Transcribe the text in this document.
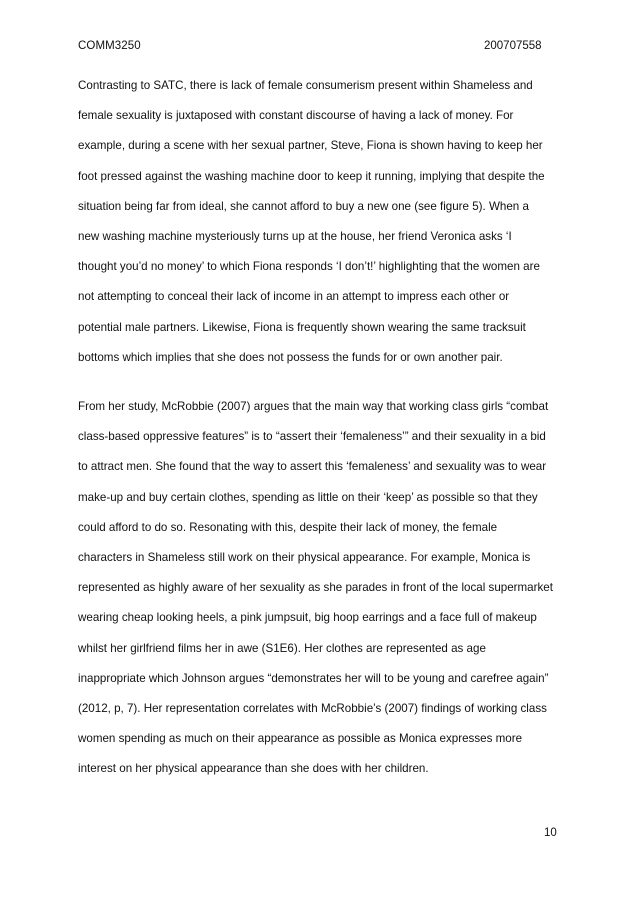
COMM3250	200707558

Contrasting to SATC, there is lack of female consumerism present within Shameless and
female sexuality is juxtaposed with constant discourse of having a lack of money. For
example, during a scene with her sexual partner, Steve, Fiona is shown having to keep her
foot pressed against the washing machine door to keep it running, implying that despite the
situation being far from ideal, she cannot afford to buy a new one (see figure 5). When a
new washing machine mysteriously turns up at the house, her friend Veronica asks ‘I
thought you’d no money’ to which Fiona responds ‘I don’t!’ highlighting that the women are
not attempting to conceal their lack of income in an attempt to impress each other or
potential male partners. Likewise, Fiona is frequently shown wearing the same tracksuit
bottoms which implies that she does not possess the funds for or own another pair.

From her study, McRobbie (2007) argues that the main way that working class girls “combat
class-based oppressive features” is to “assert their ‘femaleness’” and their sexuality in a bid
to attract men. She found that the way to assert this ‘femaleness’ and sexuality was to wear
make-up and buy certain clothes, spending as little on their ‘keep’ as possible so that they
could afford to do so. Resonating with this, despite their lack of money, the female
characters in Shameless still work on their physical appearance. For example, Monica is
represented as highly aware of her sexuality as she parades in front of the local supermarket
wearing cheap looking heels, a pink jumpsuit, big hoop earrings and a face full of makeup
whilst her girlfriend films her in awe (S1E6). Her clothes are represented as age
inappropriate which Johnson argues “demonstrates her will to be young and carefree again”
(2012, p, 7). Her representation correlates with McRobbie’s (2007) findings of working class
women spending as much on their appearance as possible as Monica expresses more
interest on her physical appearance than she does with her children.

10
